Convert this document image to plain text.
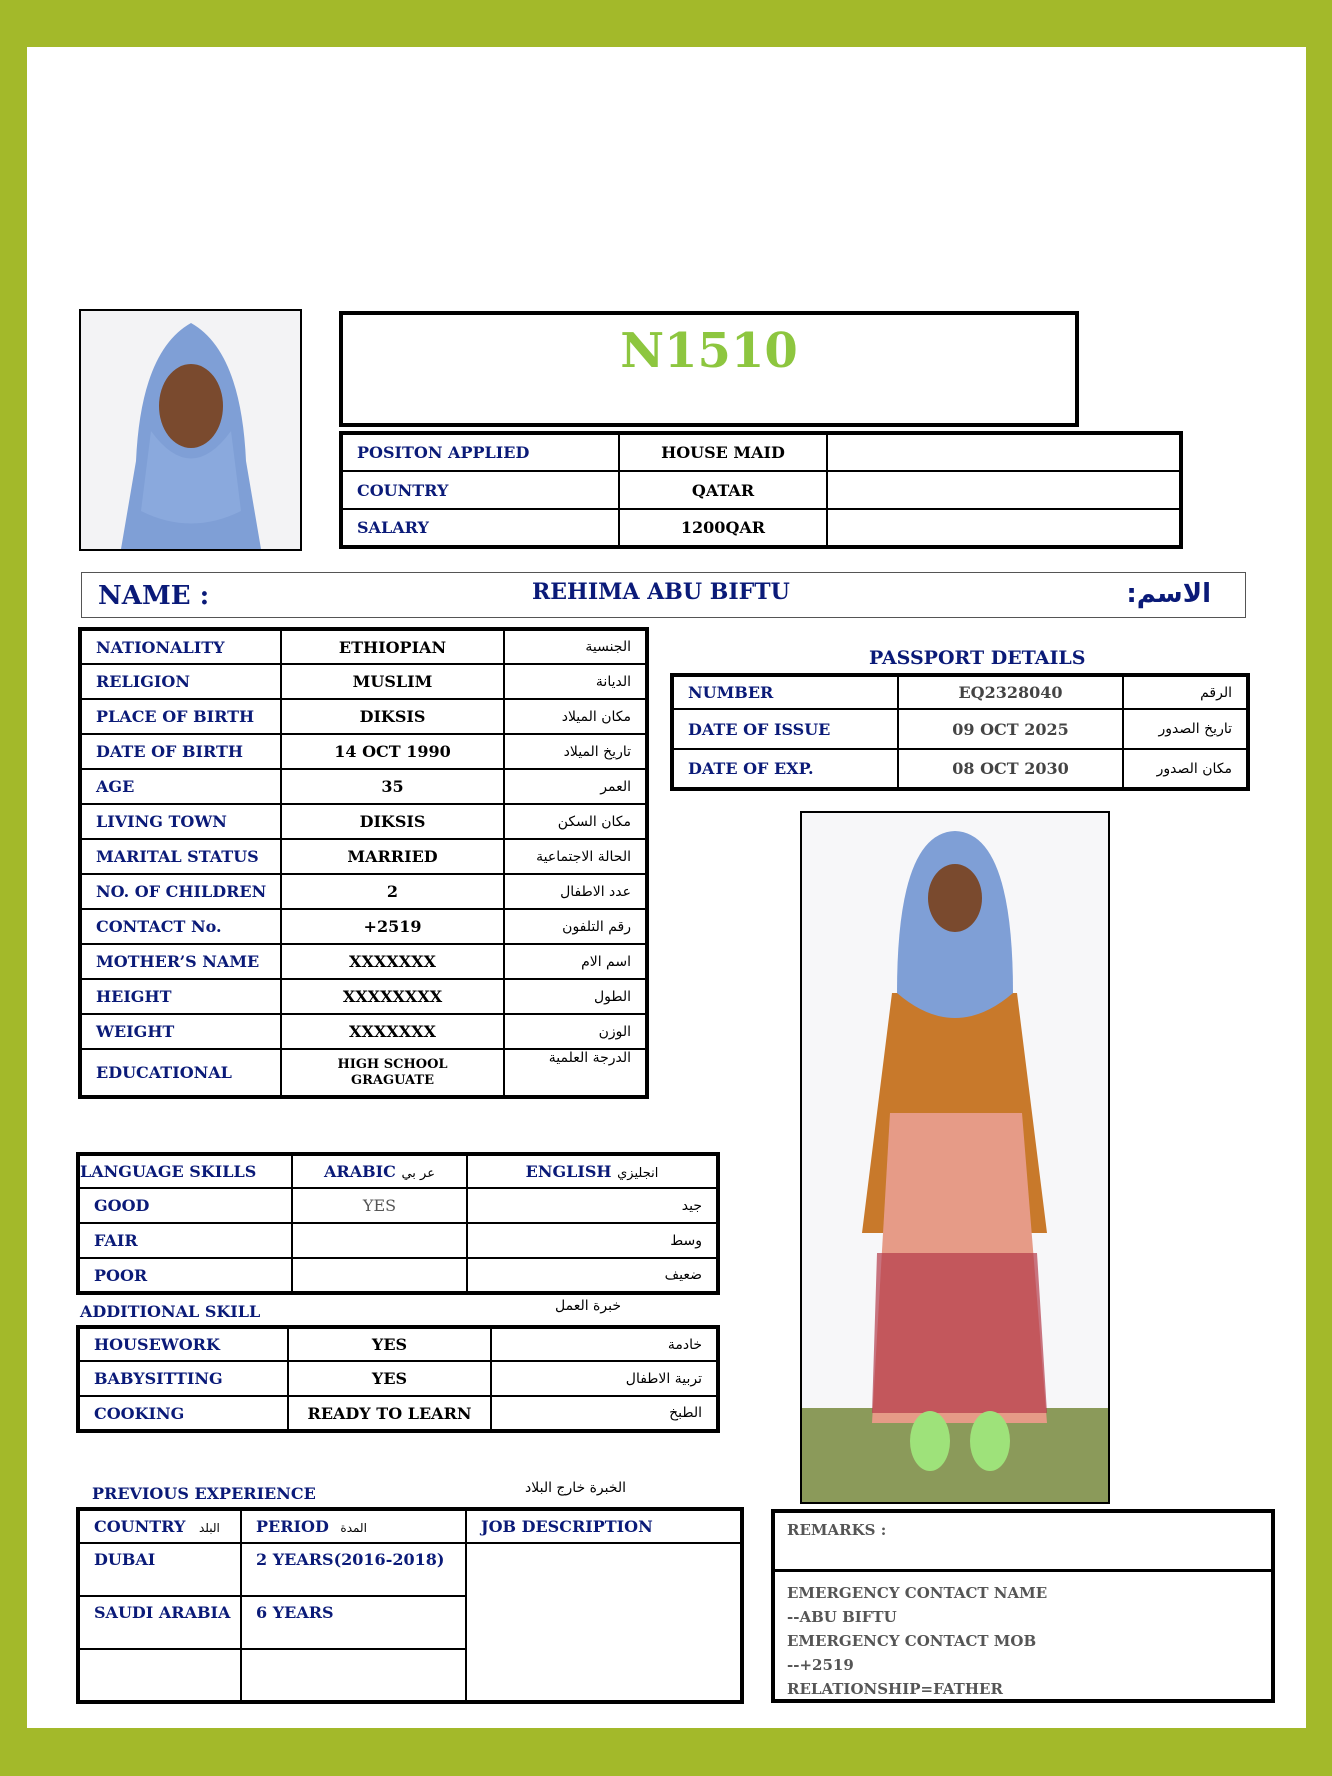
N1510
POSITON APPLIED	HOUSE MAID	
COUNTRY	QATAR	
SALARY	1200QAR	
NAME :	REHIMA ABU BIFTU	الاسم:
NATIONALITY	ETHIOPIAN	الجنسية
RELIGION	MUSLIM	الديانة
PLACE OF BIRTH	DIKSIS	مكان الميلاد
DATE OF BIRTH	14 OCT 1990	تاريخ الميلاد
AGE	35	العمر
LIVING TOWN	DIKSIS	مكان السكن
MARITAL STATUS	MARRIED	الحالة الاجتماعية
NO. OF CHILDREN	2	عدد الاطفال
CONTACT No.	+2519	رقم التلفون
MOTHER’S NAME	XXXXXXX	اسم الام
HEIGHT	XXXXXXXX	الطول
WEIGHT	XXXXXXX	الوزن
EDUCATIONAL	HIGH SCHOOL GRAGUATE	الدرجة العلمية
PASSPORT DETAILS
NUMBER	EQ2328040	الرقم
DATE OF ISSUE	09 OCT 2025	تاريخ الصدور
DATE OF EXP.	08 OCT 2030	مكان الصدور
LANGUAGE SKILLS	ARABIC عر بي	ENGLISH انجليزي
GOOD	YES	جيد
FAIR		وسط
POOR		ضعيف
ADDITIONAL SKILL	خبرة العمل
HOUSEWORK	YES	خادمة
BABYSITTING	YES	تربية الاطفال
COOKING	READY TO LEARN	الطبخ
PREVIOUS EXPERIENCE	الخبرة خارج البلاد
COUNTRY البلد	PERIOD المدة	JOB DESCRIPTION
DUBAI	2 YEARS(2016-2018)	
SAUDI ARABIA	6 YEARS	

REMARKS :
EMERGENCY CONTACT NAME
--ABU BIFTU
EMERGENCY CONTACT MOB
--+2519
RELATIONSHIP=FATHER
